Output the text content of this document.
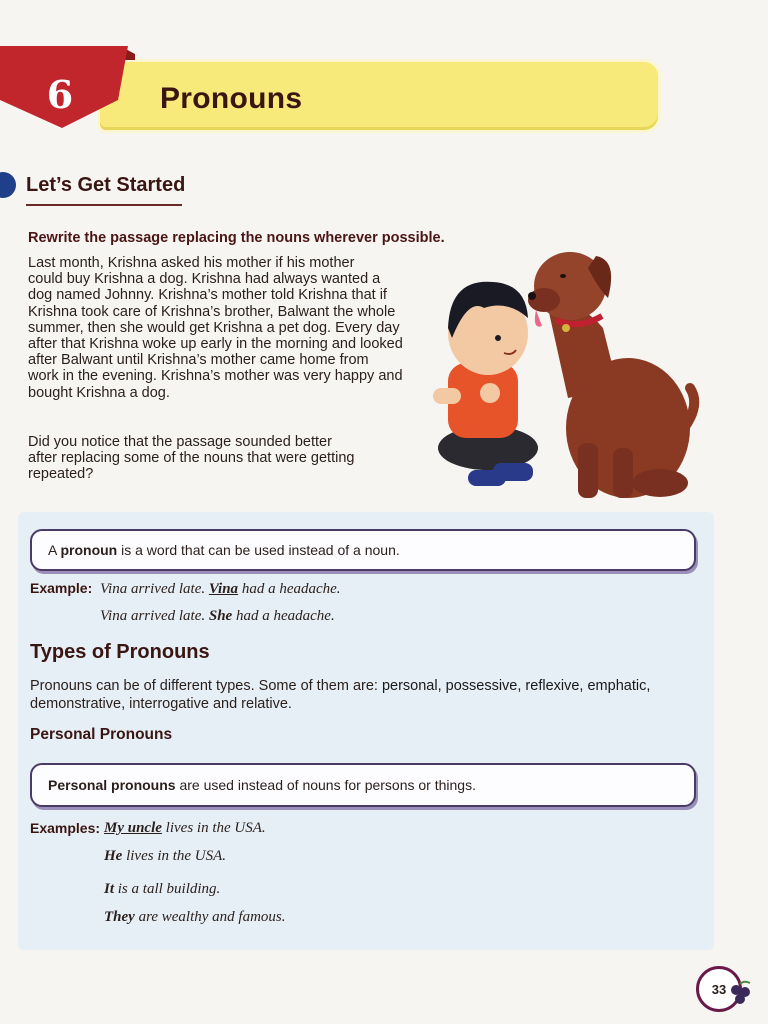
6	Pronouns
Let’s Get Started
Rewrite the passage replacing the nouns wherever possible.
Last month, Krishna asked his mother if his mother
could buy Krishna a dog. Krishna had always wanted a
dog named Johnny. Krishna’s mother told Krishna that if
Krishna took care of Krishna’s brother, Balwant the whole
summer, then she would get Krishna a pet dog. Every day
after that Krishna woke up early in the morning and looked
after Balwant until Krishna’s mother came home from
work in the evening. Krishna’s mother was very happy and
bought Krishna a dog.
Did you notice that the passage sounded better
after replacing some of the nouns that were getting
repeated?
A pronoun is a word that can be used instead of a noun.
Example: Vina arrived late. Vina had a headache.
Vina arrived late. She had a headache.
Types of Pronouns
Pronouns can be of different types. Some of them are: personal, possessive, reflexive, emphatic,
demonstrative, interrogative and relative.
Personal Pronouns
Personal pronouns are used instead of nouns for persons or things.
Examples: My uncle lives in the USA.
He lives in the USA.
It is a tall building.
They are wealthy and famous.
33
